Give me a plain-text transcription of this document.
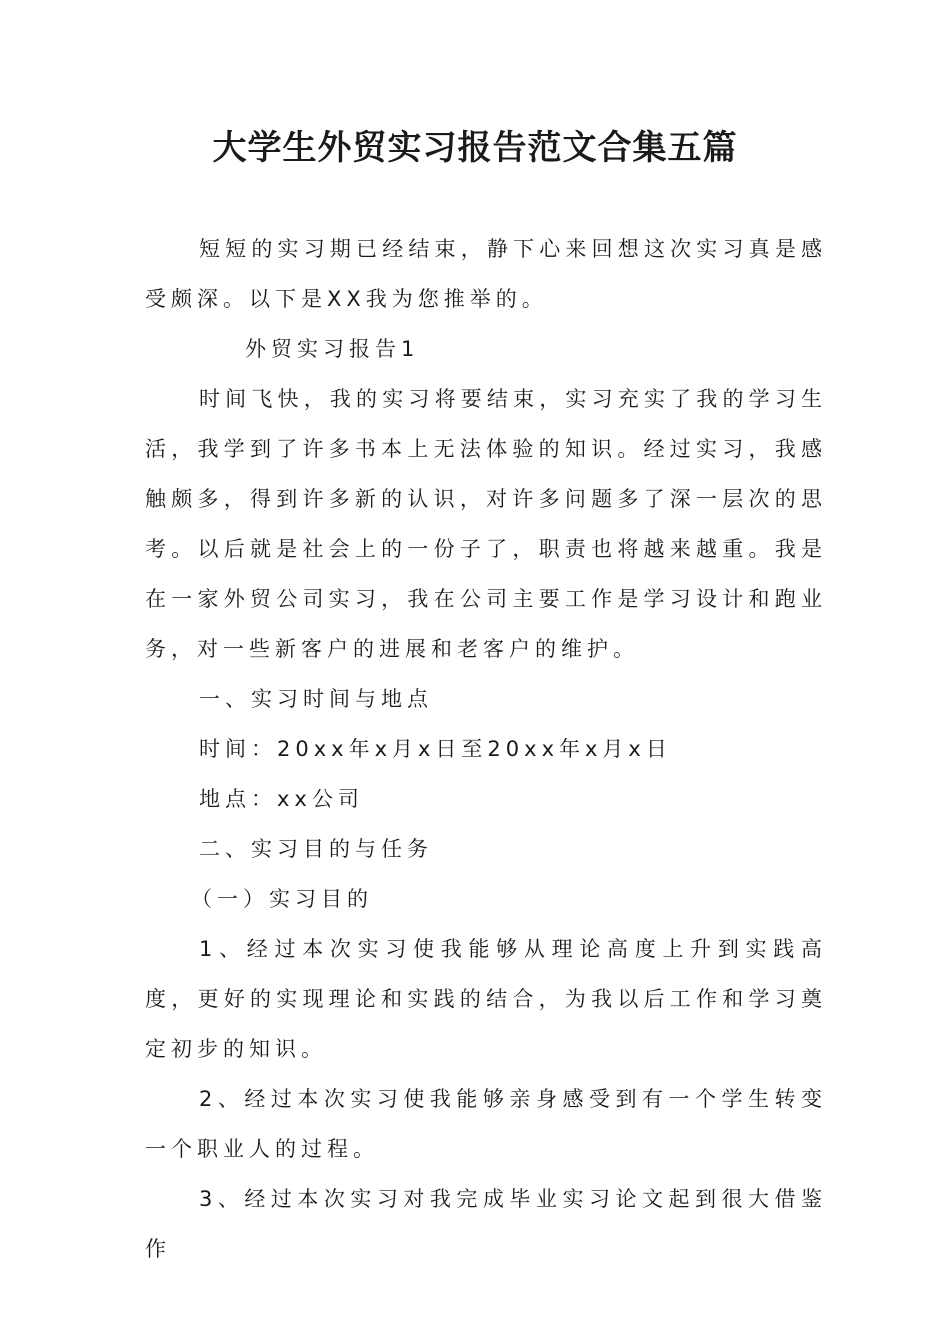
大学生外贸实习报告范文合集五篇

短短的实习期已经结束，静下心来回想这次实习真是感受颇深。以下是XX我为您推举的。

外贸实习报告1

时间飞快，我的实习将要结束，实习充实了我的学习生活，我学到了许多书本上无法体验的知识。经过实习，我感触颇多，得到许多新的认识，对许多问题多了深一层次的思考。以后就是社会上的一份子了，职责也将越来越重。我是在一家外贸公司实习，我在公司主要工作是学习设计和跑业务，对一些新客户的进展和老客户的维护。

一、实习时间与地点

时间：20xx年x月x日至20xx年x月x日

地点：xx公司

二、实习目的与任务

（一）实习目的

1、经过本次实习使我能够从理论高度上升到实践高度，更好的实现理论和实践的结合，为我以后工作和学习奠定初步的知识。

2、经过本次实习使我能够亲身感受到有一个学生转变一个职业人的过程。

3、经过本次实习对我完成毕业实习论文起到很大借鉴作
